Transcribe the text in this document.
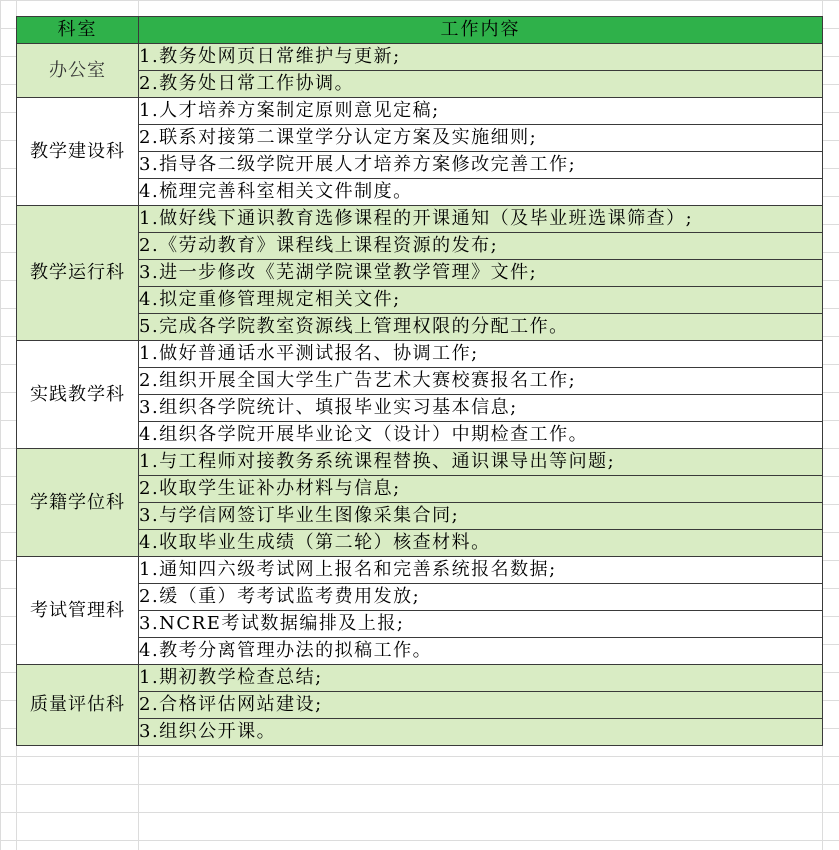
科室	工作内容
办公室	1.教务处网页日常维护与更新;
	2.教务处日常工作协调。
教学建设科	1.人才培养方案制定原则意见定稿;
	2.联系对接第二课堂学分认定方案及实施细则;
	3.指导各二级学院开展人才培养方案修改完善工作;
	4.梳理完善科室相关文件制度。
教学运行科	1.做好线下通识教育选修课程的开课通知（及毕业班选课筛查）;
	2.《劳动教育》课程线上课程资源的发布;
	3.进一步修改《芜湖学院课堂教学管理》文件;
	4.拟定重修管理规定相关文件;
	5.完成各学院教室资源线上管理权限的分配工作。
实践教学科	1.做好普通话水平测试报名、协调工作;
	2.组织开展全国大学生广告艺术大赛校赛报名工作;
	3.组织各学院统计、填报毕业实习基本信息;
	4.组织各学院开展毕业论文（设计）中期检查工作。
学籍学位科	1.与工程师对接教务系统课程替换、通识课导出等问题;
	2.收取学生证补办材料与信息;
	3.与学信网签订毕业生图像采集合同;
	4.收取毕业生成绩（第二轮）核查材料。
考试管理科	1.通知四六级考试网上报名和完善系统报名数据;
	2.缓（重）考考试监考费用发放;
	3.NCRE考试数据编排及上报;
	4.教考分离管理办法的拟稿工作。
质量评估科	1.期初教学检查总结;
	2.合格评估网站建设;
	3.组织公开课。
